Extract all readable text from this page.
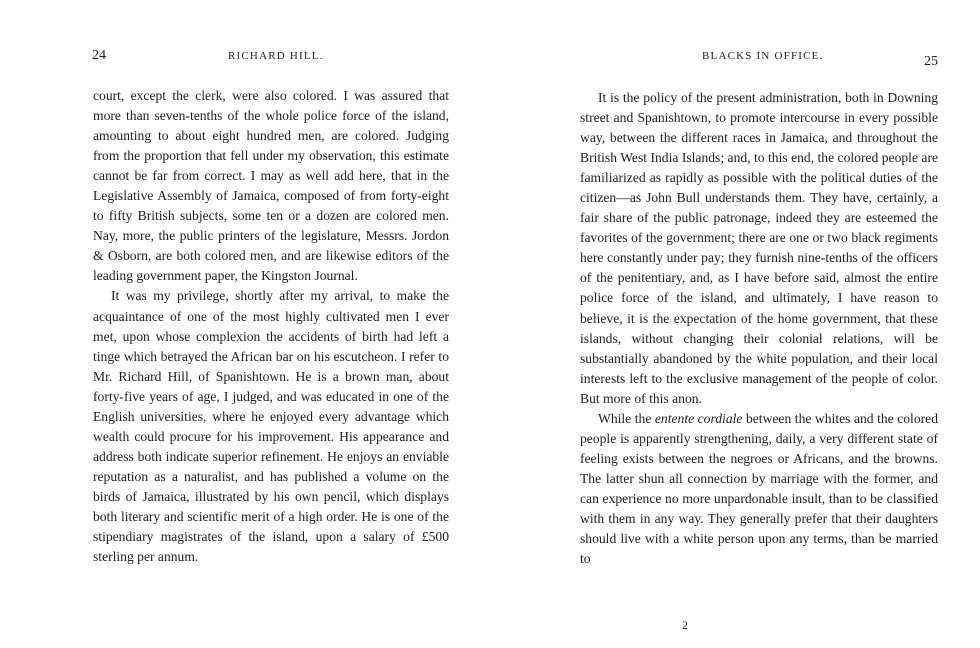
24	RICHARD HILL.

court, except the clerk, were also colored. I was assured that more than seven-tenths of the whole police force of the island, amounting to about eight hundred men, are colored. Judging from the proportion that fell under my observation, this estimate cannot be far from correct. I may as well add here, that in the Legislative Assembly of Jamaica, composed of from forty-eight to fifty British subjects, some ten or a dozen are colored men. Nay, more, the public printers of the legislature, Messrs. Jordon & Osborn, are both colored men, and are likewise editors of the leading government paper, the Kingston Journal.

It was my privilege, shortly after my arrival, to make the acquaintance of one of the most highly cultivated men I ever met, upon whose complexion the accidents of birth had left a tinge which betrayed the African bar on his escutcheon. I refer to Mr. Richard Hill, of Spanishtown. He is a brown man, about forty-five years of age, I judged, and was educated in one of the English universities, where he enjoyed every advantage which wealth could procure for his improvement. His appearance and address both indicate superior refinement. He enjoys an enviable reputation as a naturalist, and has published a volume on the birds of Jamaica, illustrated by his own pencil, which displays both literary and scientific merit of a high order. He is one of the stipendiary magistrates of the island, upon a salary of £500 sterling per annum.

BLACKS IN OFFICE.	25

It is the policy of the present administration, both in Downing street and Spanishtown, to promote intercourse in every possible way, between the different races in Jamaica, and throughout the British West India Islands; and, to this end, the colored people are familiarized as rapidly as possible with the political duties of the citizen—as John Bull understands them. They have, certainly, a fair share of the public patronage, indeed they are esteemed the favorites of the government; there are one or two black regiments here constantly under pay; they furnish nine-tenths of the officers of the penitentiary, and, as I have before said, almost the entire police force of the island, and ultimately, I have reason to believe, it is the expectation of the home government, that these islands, without changing their colonial relations, will be substantially abandoned by the white population, and their local interests left to the exclusive management of the people of color. But more of this anon.

While the entente cordiale between the whites and the colored people is apparently strengthening, daily, a very different state of feeling exists between the negroes or Africans, and the browns. The latter shun all connection by marriage with the former, and can experience no more unpardonable insult, than to be classified with them in any way. They generally prefer that their daughters should live with a white person upon any terms, than be married to

2
